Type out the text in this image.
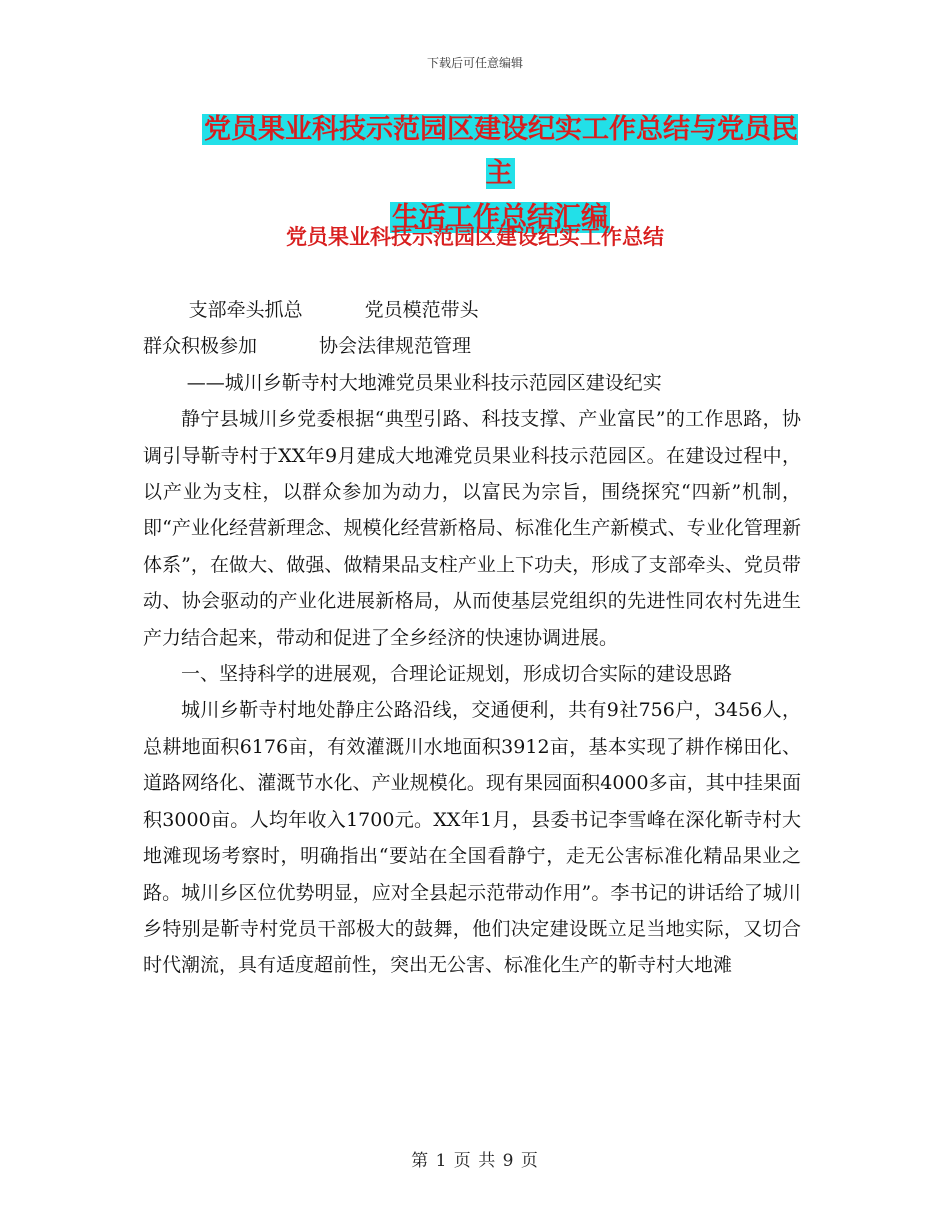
下载后可任意编辑
党员果业科技示范园区建设纪实工作总结与党员民主
生活工作总结汇编
党员果业科技示范园区建设纪实工作总结

支部牵头抓总	党员模范带头

群众积极参加	协会法律规范管理

——城川乡靳寺村大地滩党员果业科技示范园区建设纪实

静宁县城川乡党委根据“典型引路、科技支撑、产业富民”的工作思路，协调引导靳寺村于XX年9月建成大地滩党员果业科技示范园区。在建设过程中，以产业为支柱，以群众参加为动力，以富民为宗旨，围绕探究“四新”机制，即“产业化经营新理念、规模化经营新格局、标准化生产新模式、专业化管理新体系”，在做大、做强、做精果品支柱产业上下功夫，形成了支部牵头、党员带动、协会驱动的产业化进展新格局，从而使基层党组织的先进性同农村先进生产力结合起来，带动和促进了全乡经济的快速协调进展。

一、坚持科学的进展观，合理论证规划，形成切合实际的建设思路

城川乡靳寺村地处静庄公路沿线，交通便利，共有9社756户，3456人，总耕地面积6176亩，有效灌溉川水地面积3912亩，基本实现了耕作梯田化、道路网络化、灌溉节水化、产业规模化。现有果园面积4000多亩，其中挂果面积3000亩。人均年收入1700元。XX年1月，县委书记李雪峰在深化靳寺村大地滩现场考察时，明确指出“要站在全国看静宁，走无公害标准化精品果业之路。城川乡区位优势明显，应对全县起示范带动作用”。李书记的讲话给了城川乡特别是靳寺村党员干部极大的鼓舞，他们决定建设既立足当地实际，又切合时代潮流，具有适度超前性，突出无公害、标准化生产的靳寺村大地滩

第 1 页 共 9 页
